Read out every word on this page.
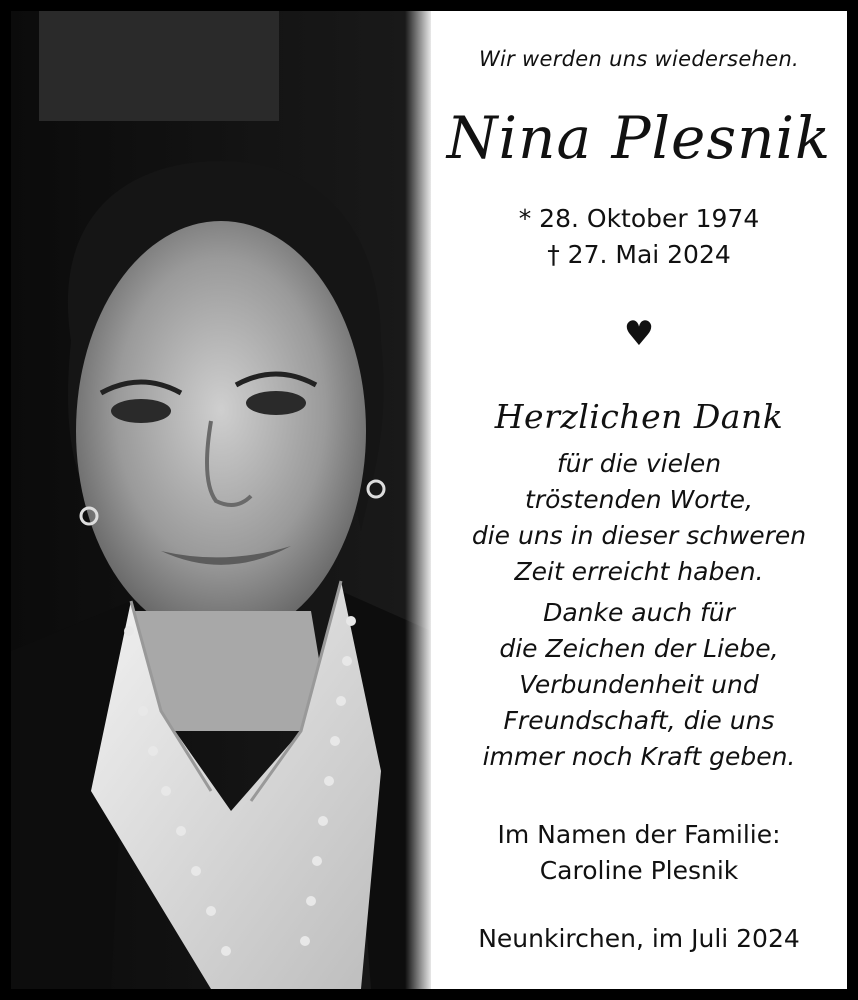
Wir werden uns wiedersehen.
Nina Plesnik
* 28. Oktober 1974
† 27. Mai 2024
♥
Herzlichen Dank
für die vielen
tröstenden Worte,
die uns in dieser schweren
Zeit erreicht haben.
Danke auch für
die Zeichen der Liebe,
Verbundenheit und
Freundschaft, die uns
immer noch Kraft geben.
Im Namen der Familie:
Caroline Plesnik
Neunkirchen, im Juli 2024
